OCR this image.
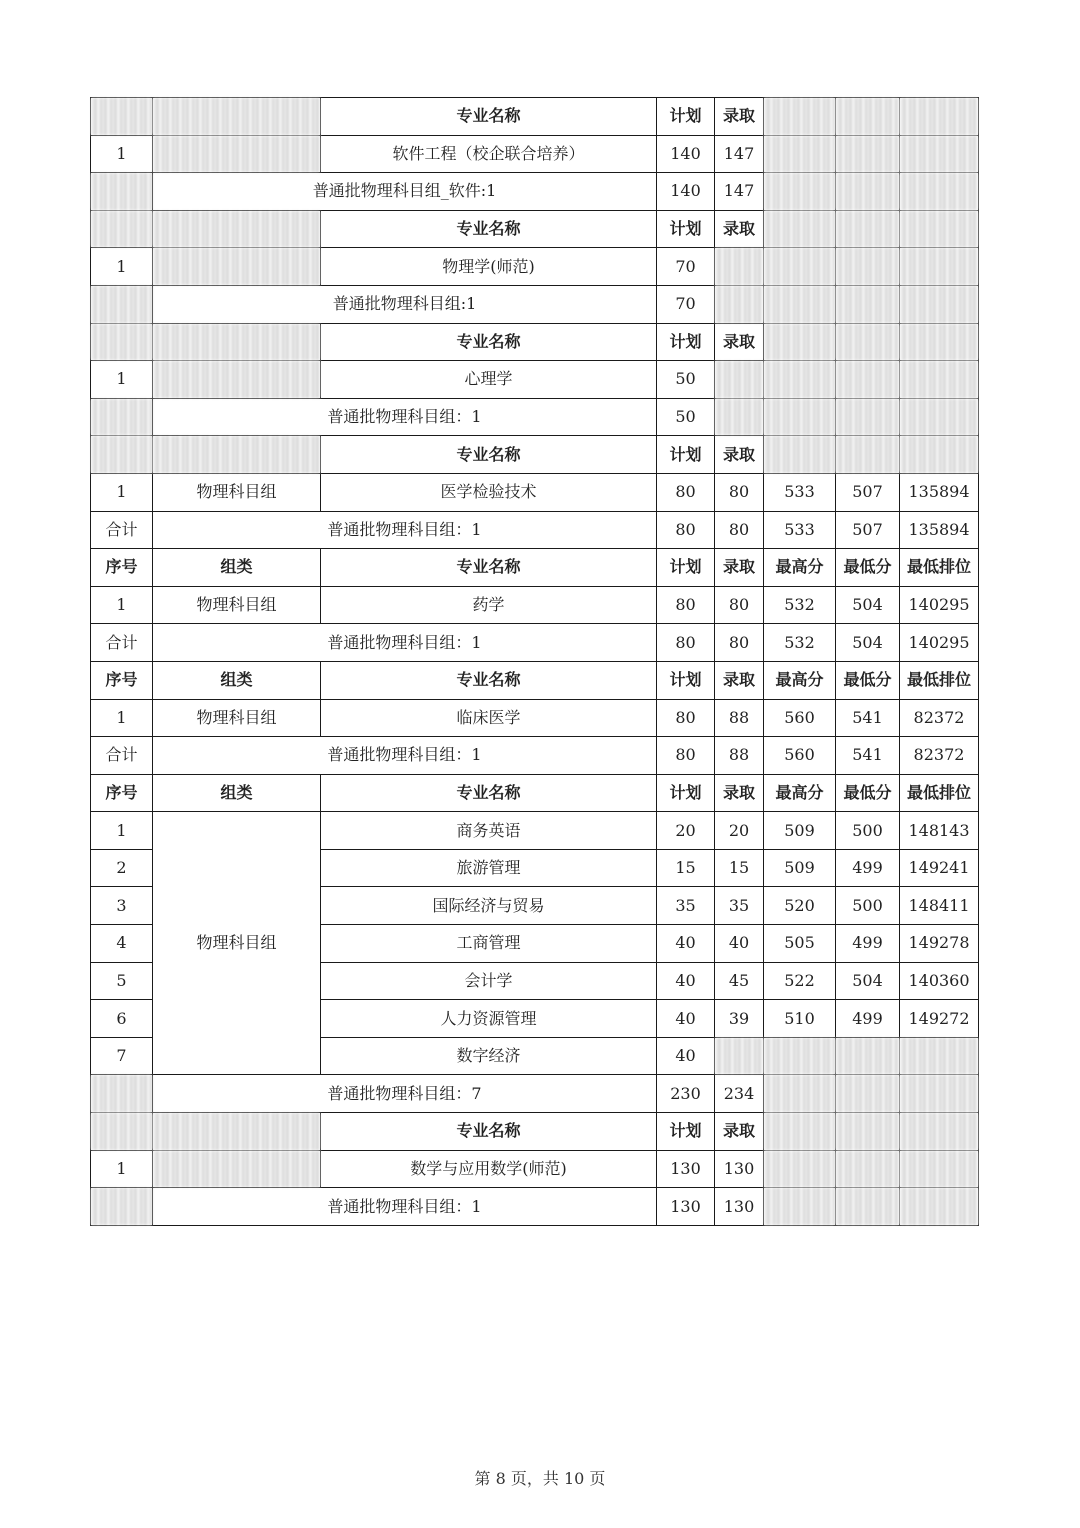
		专业名称	计划	录取			
1		软件工程（校企联合培养）	140	147			
	普通批物理科目组_软件:1		140	147			
		专业名称	计划	录取			
1		物理学(师范)	70				
	普通批物理科目组:1		70				
		专业名称	计划	录取			
1		心理学	50				
	普通批物理科目组：1		50				
		专业名称	计划	录取			
1	物理科目组	医学检验技术	80	80	533	507	135894
合计	普通批物理科目组：1		80	80	533	507	135894
序号	组类	专业名称	计划	录取	最高分	最低分	最低排位
1	物理科目组	药学	80	80	532	504	140295
合计	普通批物理科目组：1		80	80	532	504	140295
序号	组类	专业名称	计划	录取	最高分	最低分	最低排位
1	物理科目组	临床医学	80	88	560	541	82372
合计	普通批物理科目组：1		80	88	560	541	82372
序号	组类	专业名称	计划	录取	最高分	最低分	最低排位
1	物理科目组	商务英语	20	20	509	500	148143
2		旅游管理	15	15	509	499	149241
3		国际经济与贸易	35	35	520	500	148411
4		工商管理	40	40	505	499	149278
5		会计学	40	45	522	504	140360
6		人力资源管理	40	39	510	499	149272
7		数字经济	40				
	普通批物理科目组：7		230	234			
		专业名称	计划	录取			
1		数学与应用数学(师范)	130	130			
	普通批物理科目组：1		130	130			
第 8 页，共 10 页
